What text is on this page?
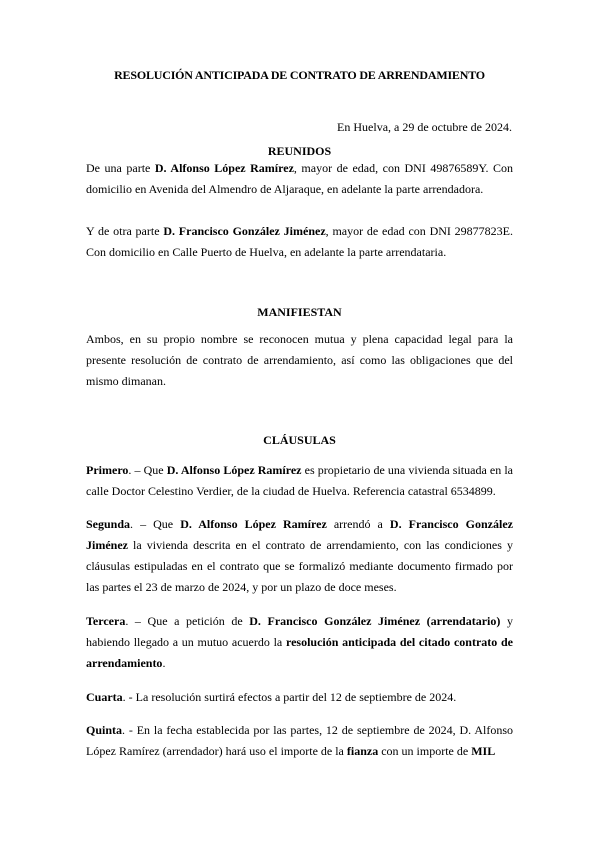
RESOLUCIÓN ANTICIPADA DE CONTRATO DE ARRENDAMIENTO
En Huelva, a 29 de octubre de 2024.
REUNIDOS

De una parte D. Alfonso López Ramírez, mayor de edad, con DNI 49876589Y. Con domicilio en Avenida del Almendro de Aljaraque, en adelante la parte arrendadora.

Y de otra parte D. Francisco González Jiménez, mayor de edad con DNI 29877823E. Con domicilio en Calle Puerto de Huelva, en adelante la parte arrendataria.

MANIFIESTAN

Ambos, en su propio nombre se reconocen mutua y plena capacidad legal para la presente resolución de contrato de arrendamiento, así como las obligaciones que del mismo dimanan.

CLÁUSULAS

Primero. – Que D. Alfonso López Ramírez es propietario de una vivienda situada en la calle Doctor Celestino Verdier, de la ciudad de Huelva. Referencia catastral 6534899.

Segunda. – Que D. Alfonso López Ramírez arrendó a D. Francisco González Jiménez la vivienda descrita en el contrato de arrendamiento, con las condiciones y cláusulas estipuladas en el contrato que se formalizó mediante documento firmado por las partes el 23 de marzo de 2024, y por un plazo de doce meses.

Tercera. – Que a petición de D. Francisco González Jiménez (arrendatario) y habiendo llegado a un mutuo acuerdo la resolución anticipada del citado contrato de arrendamiento.

Cuarta. - La resolución surtirá efectos a partir del 12 de septiembre de 2024.

Quinta. - En la fecha establecida por las partes, 12 de septiembre de 2024, D. Alfonso López Ramírez (arrendador) hará uso el importe de la fianza con un importe de MIL
